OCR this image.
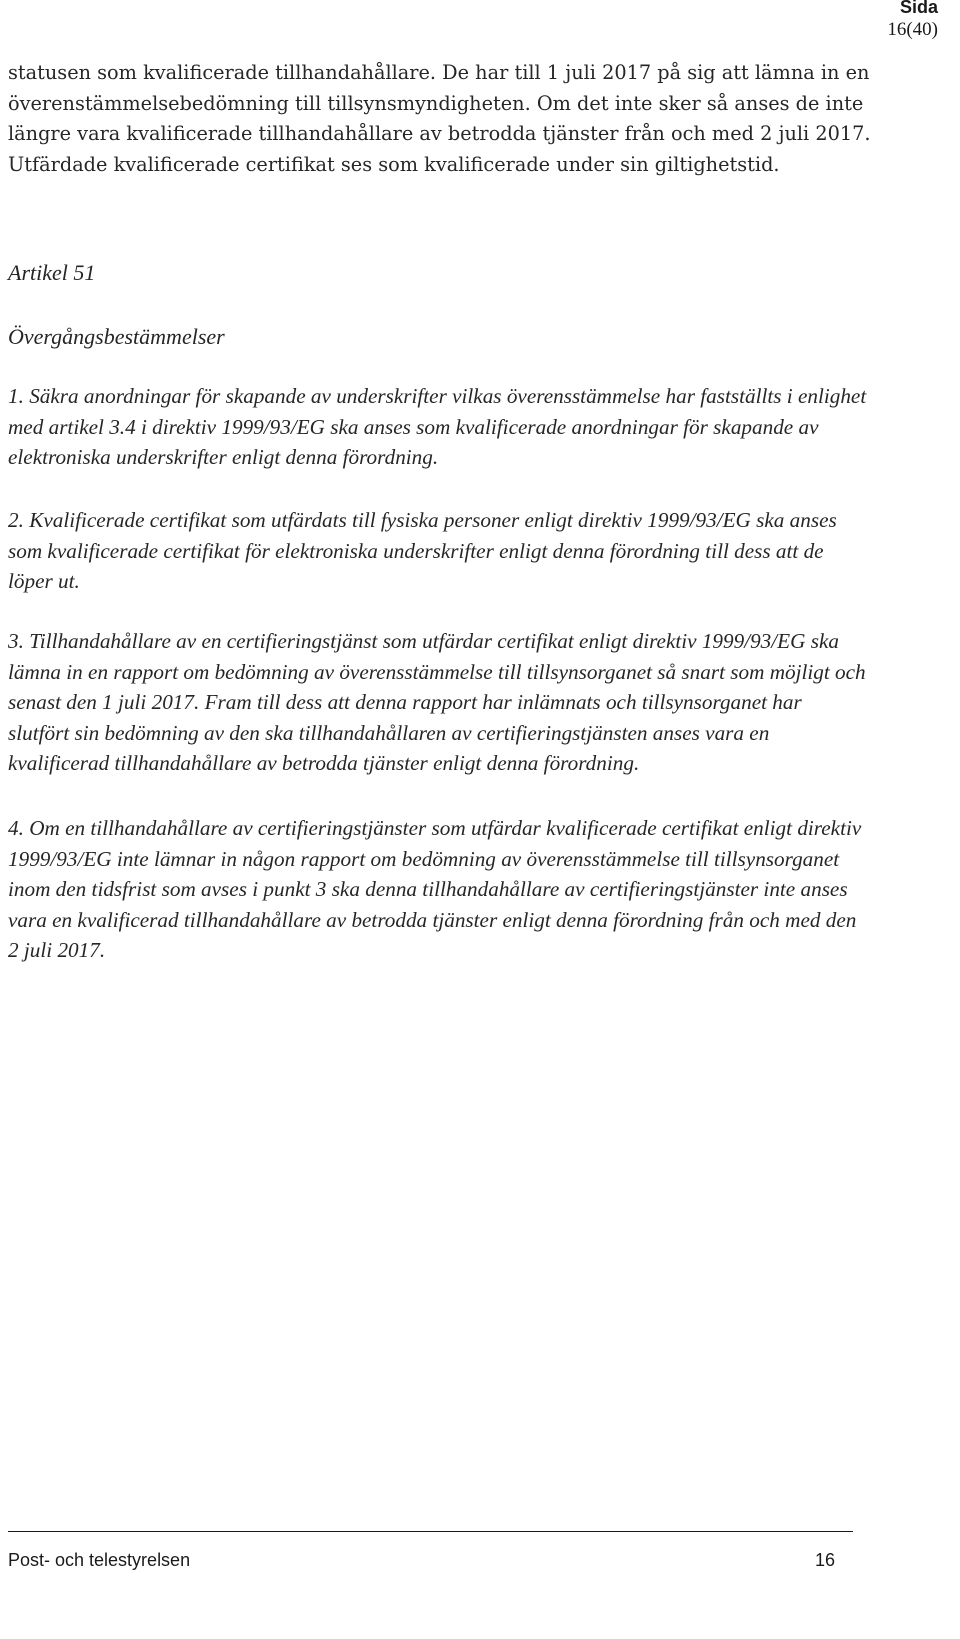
Sida
16(40)

statusen som kvalificerade tillhandahållare. De har till 1 juli 2017 på sig att lämna in en överenstämmelsebedömning till tillsynsmyndigheten. Om det inte sker så anses de inte längre vara kvalificerade tillhandahållare av betrodda tjänster från och med 2 juli 2017. Utfärdade kvalificerade certifikat ses som kvalificerade under sin giltighetstid.

Artikel 51

Övergångsbestämmelser

1. Säkra anordningar för skapande av underskrifter vilkas överensstämmelse har fastställts i enlighet med artikel 3.4 i direktiv 1999/93/EG ska anses som kvalificerade anordningar för skapande av elektroniska underskrifter enligt denna förordning.

2. Kvalificerade certifikat som utfärdats till fysiska personer enligt direktiv 1999/93/EG ska anses som kvalificerade certifikat för elektroniska underskrifter enligt denna förordning till dess att de löper ut.

3. Tillhandahållare av en certifieringstjänst som utfärdar certifikat enligt direktiv 1999/93/EG ska lämna in en rapport om bedömning av överensstämmelse till tillsynsorganet så snart som möjligt och senast den 1 juli 2017. Fram till dess att denna rapport har inlämnats och tillsynsorganet har slutfört sin bedömning av den ska tillhandahållaren av certifieringstjänsten anses vara en kvalificerad tillhandahållare av betrodda tjänster enligt denna förordning.

4. Om en tillhandahållare av certifieringstjänster som utfärdar kvalificerade certifikat enligt direktiv 1999/93/EG inte lämnar in någon rapport om bedömning av överensstämmelse till tillsynsorganet inom den tidsfrist som avses i punkt 3 ska denna tillhandahållare av certifieringstjänster inte anses vara en kvalificerad tillhandahållare av betrodda tjänster enligt denna förordning från och med den 2 juli 2017.

Post- och telestyrelsen	16
